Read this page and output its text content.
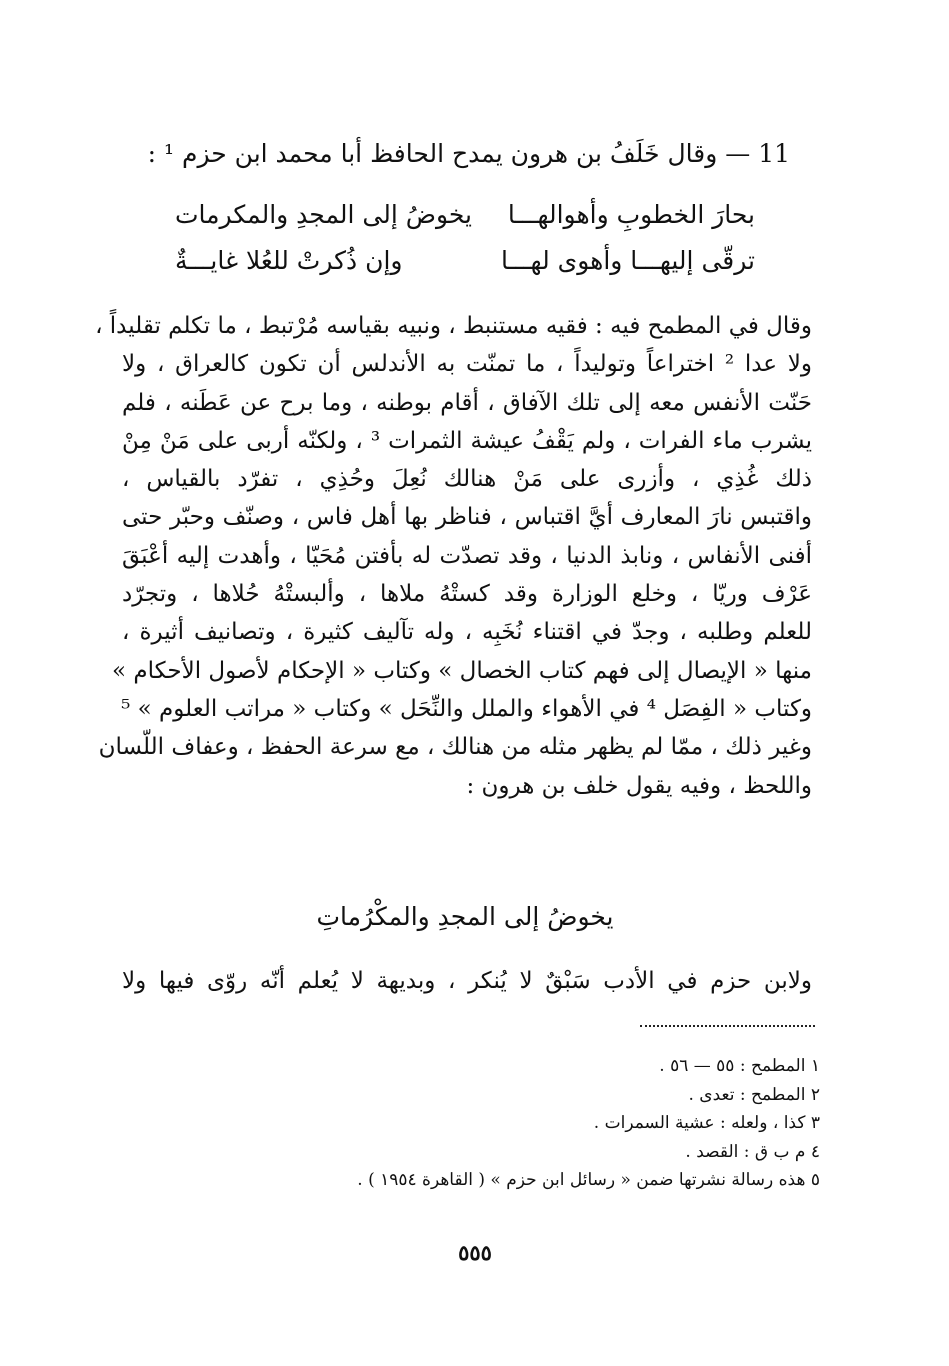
11 — وقال خَلَفُ بن هرون يمدح الحافظ أبا محمد ابن حزم ¹ :
يخوضُ إلى المجدِ والمكرمات بحارَ الخطوبِ وأهوالهـــا
وإن ذُكرتْ للعُلا غايـــةٌ	ترقّى إليهـــا وأهوى لهـــا
وقال في المطمح فيه : فقيه مستنبط ، ونبيه بقياسه مُرْتبط ، ما تكلم تقليداً ،
ولا عدا ² اختراعاً وتوليداً ، ما تمنّت به الأندلس أن تكون كالعراق ، ولا
حَنّت الأنفس معه إلى تلك الآفاق ، أقام بوطنه ، وما برح عن عَطَنه ، فلم
يشرب ماء الفرات ، ولم يَقْفُ عيشة الثمرات ³ ، ولكنّه أربى على مَنْ مِنْ
ذلك غُذِي ، وأزرى على مَنْ هنالك نُعِلَ وحُذِي ، تفرّد بالقياس ،
واقتبس نارَ المعارف أيَّ اقتباس ، فناظر بها أهل فاس ، وصنّف وحبّر حتى
أفنى الأنفاس ، ونابذ الدنيا ، وقد تصدّت له بأفتن مُحَيّا ، وأهدت إليه أعْبَقَ
عَرْف وريّا ، وخلع الوزارة وقد كستْهُ ملاها ، وألبستْهُ حُلاها ، وتجرّد
للعلم وطلبه ، وجدّ في اقتناء نُخَبِه ، وله تآليف كثيرة ، وتصانيف أثيرة ،
منها « الإيصال إلى فهم كتاب الخصال » وكتاب « الإحكام لأصول الأحكام »
وكتاب « الفِصَل ⁴ في الأهواء والملل والنِّحَل » وكتاب « مراتب العلوم » ⁵
وغير ذلك ، ممّا لم يظهر مثله من هنالك ، مع سرعة الحفظ ، وعفاف اللّسان
واللحظ ، وفيه يقول خلف بن هرون :
يخوضُ إلى المجدِ والمكْرُماتِ
ولابن حزم في الأدب سَبْقٌ لا يُنكر ، وبديهة لا يُعلم أنّه روّى فيها ولا
١ المطمح : ٥٥ — ٥٦ .
٢ المطمح : تعدى .
٣ كذا ، ولعله : عشية السمرات .
٤ م ب ق : القصد .
٥ هذه رسالة نشرتها ضمن « رسائل ابن حزم » ( القاهرة ١٩٥٤ ) .
٥٥٥
